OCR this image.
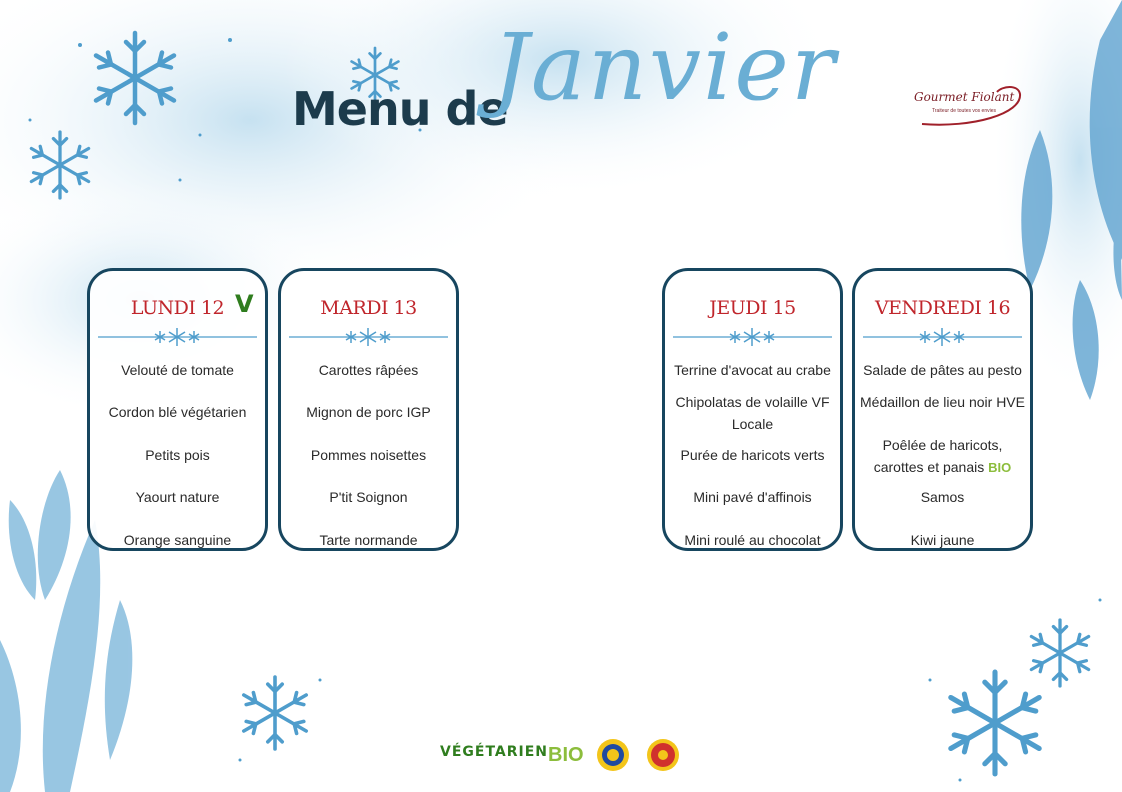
Menu de
Janvier	Gourmet Fiolant
Traiteur de toutes vos envies
LUNDI 12 V
Velouté de tomate
Cordon blé végétarien
Petits pois
Yaourt nature
Orange sanguine
MARDI 13
Carottes râpées
Mignon de porc IGP
Pommes noisettes
P'tit Soignon
Tarte normande
JEUDI 15
Terrine d'avocat au crabe
Chipolatas de volaille VF Locale
Purée de haricots verts
Mini pavé d'affinois
Mini roulé au chocolat
VENDREDI 16
Salade de pâtes au pesto
Médaillon de lieu noir HVE
Poêlée de haricots, carottes et panais BIO
Samos
Kiwi jaune
VÉGÉTARIEN BIO
